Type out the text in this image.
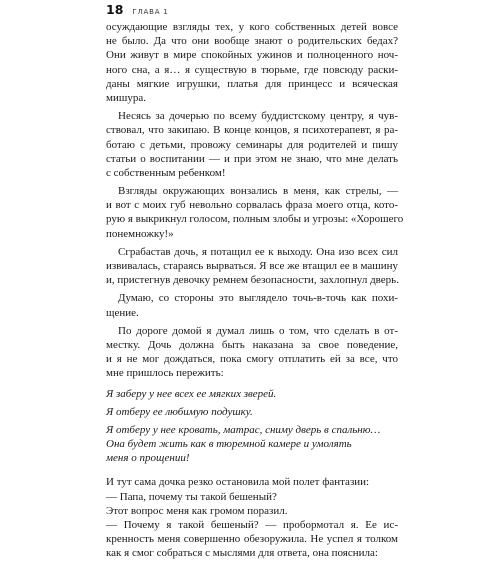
18 ГЛАВА 1
осуждающие взгляды тех, у кого собственных детей вовсе
не было. Да что они вообще знают о родительских бедах?
Они живут в мире спокойных ужинов и полноценного ноч-
ного сна, а я… я существую в тюрьме, где повсюду раски-
даны мягкие игрушки, платья для принцесс и всяческая
мишура.
Несясь за дочерью по всему буддистскому центру, я чув-
ствовал, что закипаю. В конце концов, я психотерапевт, я ра-
ботаю с детьми, провожу семинары для родителей и пишу
статьи о воспитании — и при этом не знаю, что мне делать
с собственным ребенком!
Взгляды окружающих вонзались в меня, как стрелы, —
и вот с моих губ невольно сорвалась фраза моего отца, кото-
рую я выкрикнул голосом, полным злобы и угрозы: «Хорошего
понемножку!»
Сграбастав дочь, я потащил ее к выходу. Она изо всех сил
извивалась, стараясь вырваться. Я все же втащил ее в машину
и, пристегнув девочку ремнем безопасности, захлопнул дверь.
Думаю, со стороны это выглядело точь-в-точь как похи-
щение.
По дороге домой я думал лишь о том, что сделать в от-
местку. Дочь должна быть наказана за свое поведение,
и я не мог дождаться, пока смогу отплатить ей за все, что
мне пришлось пережить:
Я заберу у нее всех ее мягких зверей.
Я отберу ее любимую подушку.
Я отберу у нее кровать, матрас, сниму дверь в спальню…
Она будет жить как в тюремной камере и умолять
меня о прощении!
И тут сама дочка резко остановила мой полет фантазии:
— Папа, почему ты такой бешеный?
Этот вопрос меня как громом поразил.
— Почему я такой бешеный? — пробормотал я. Ее ис-
кренность меня совершенно обезоружила. Не успел я толком
как я смог собраться с мыслями для ответа, она пояснила:
